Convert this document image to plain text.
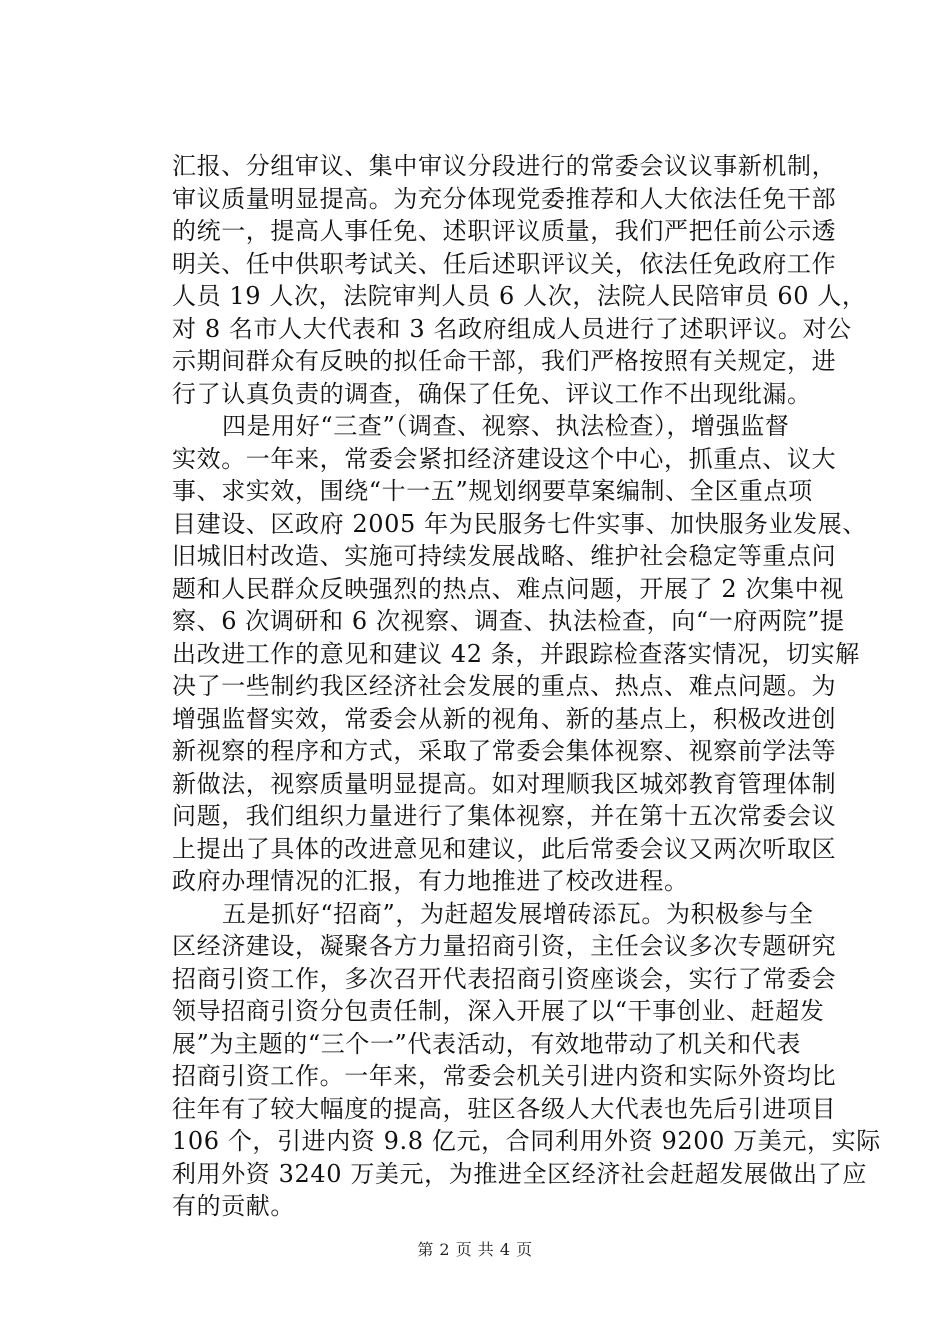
汇报、分组审议、集中审议分段进行的常委会议议事新机制，
审议质量明显提高。为充分体现党委推荐和人大依法任免干部
的统一，提高人事任免、述职评议质量，我们严把任前公示透
明关、任中供职考试关、任后述职评议关，依法任免政府工作
人员 19 人次，法院审判人员 6 人次，法院人民陪审员 60 人，
对 8 名市人大代表和 3 名政府组成人员进行了述职评议。对公
示期间群众有反映的拟任命干部，我们严格按照有关规定，进
行了认真负责的调查，确保了任免、评议工作不出现纰漏。
四是用好“三查”（调查、视察、执法检查），增强监督
实效。一年来，常委会紧扣经济建设这个中心，抓重点、议大
事、求实效，围绕“十一五”规划纲要草案编制、全区重点项
目建设、区政府 2005 年为民服务七件实事、加快服务业发展、
旧城旧村改造、实施可持续发展战略、维护社会稳定等重点问
题和人民群众反映强烈的热点、难点问题，开展了 2 次集中视
察、6 次调研和 6 次视察、调查、执法检查，向“一府两院”提
出改进工作的意见和建议 42 条，并跟踪检查落实情况，切实解
决了一些制约我区经济社会发展的重点、热点、难点问题。为
增强监督实效，常委会从新的视角、新的基点上，积极改进创
新视察的程序和方式，采取了常委会集体视察、视察前学法等
新做法，视察质量明显提高。如对理顺我区城郊教育管理体制
问题，我们组织力量进行了集体视察，并在第十五次常委会议
上提出了具体的改进意见和建议，此后常委会议又两次听取区
政府办理情况的汇报，有力地推进了校改进程。
五是抓好“招商”，为赶超发展增砖添瓦。为积极参与全
区经济建设，凝聚各方力量招商引资，主任会议多次专题研究
招商引资工作，多次召开代表招商引资座谈会，实行了常委会
领导招商引资分包责任制，深入开展了以“干事创业、赶超发
展”为主题的“三个一”代表活动，有效地带动了机关和代表
招商引资工作。一年来，常委会机关引进内资和实际外资均比
往年有了较大幅度的提高，驻区各级人大代表也先后引进项目
106 个，引进内资 9.8 亿元，合同利用外资 9200 万美元，实际
利用外资 3240 万美元，为推进全区经济社会赶超发展做出了应
有的贡献。
第 2 页 共 4 页
